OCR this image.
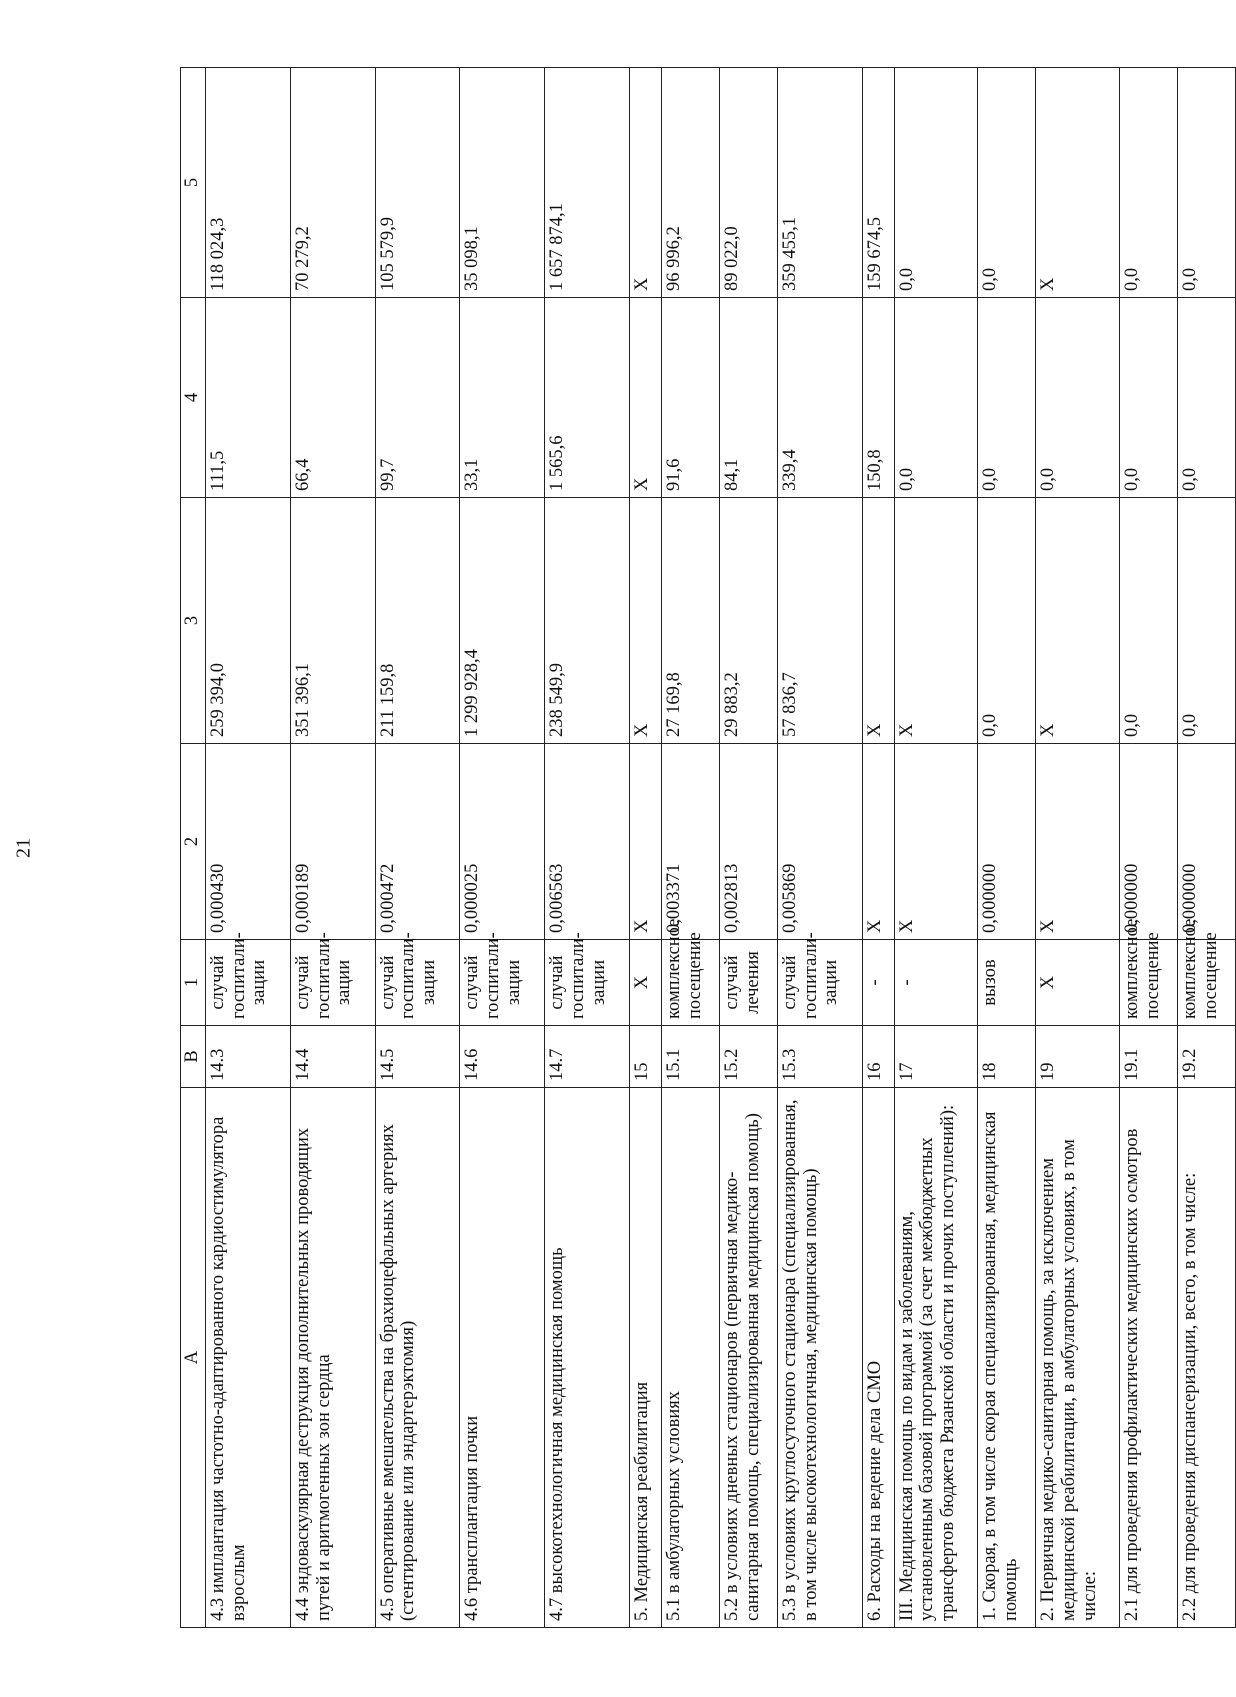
21
А	В	1	2	3	4	5
4.3 имплантация частотно-адаптированного кардиостимулятора взрослым	14.3	случай госпитали-зации	0,000430	259 394,0	111,5	118 024,3
4.4 эндоваскулярная деструкция дополнительных проводящих путей и аритмогенных зон сердца	14.4	случай госпитали-зации	0,000189	351 396,1	66,4	70 279,2
4.5 оперативные вмешательства на брахиоцефальных артериях (стентирование или эндартерэктомия)	14.5	случай госпитали-зации	0,000472	211 159,8	99,7	105 579,9
4.6 трансплантация почки	14.6	случай госпитали-зации	0,000025	1 299 928,4	33,1	35 098,1
4.7 высокотехнологичная медицинская помощь	14.7	случай госпитали-зации	0,006563	238 549,9	1 565,6	1 657 874,1
5. Медицинская реабилитация	15	Х	Х	Х	Х	Х
5.1 в амбулаторных условиях	15.1	комплексное посещение	0,003371	27 169,8	91,6	96 996,2
5.2 в условиях дневных стационаров (первичная медико-санитарная помощь, специализированная медицинская помощь)	15.2	случай лечения	0,002813	29 883,2	84,1	89 022,0
5.3 в условиях круглосуточного стационара (специализированная, в том числе высокотехнологичная, медицинская помощь)	15.3	случай госпитали-зации	0,005869	57 836,7	339,4	359 455,1
6. Расходы на ведение дела СМО	16	-	Х	Х	150,8	159 674,5
III. Медицинская помощь по видам и заболеваниям, установленным базовой программой (за счет межбюджетных трансфертов бюджета Рязанской области и прочих поступлений):	17	-	Х	Х	0,0	0,0
1. Скорая, в том числе скорая специализированная, медицинская помощь	18	вызов	0,000000	0,0	0,0	0,0
2. Первичная медико-санитарная помощь, за исключением медицинской реабилитации, в амбулаторных условиях, в том числе:	19	Х	Х	Х	0,0	Х
2.1 для проведения профилактических медицинских осмотров	19.1	комплексное посещение	0,000000	0,0	0,0	0,0
2.2 для проведения диспансеризации, всего, в том числе:	19.2	комплексное посещение	0,000000	0,0	0,0	0,0
